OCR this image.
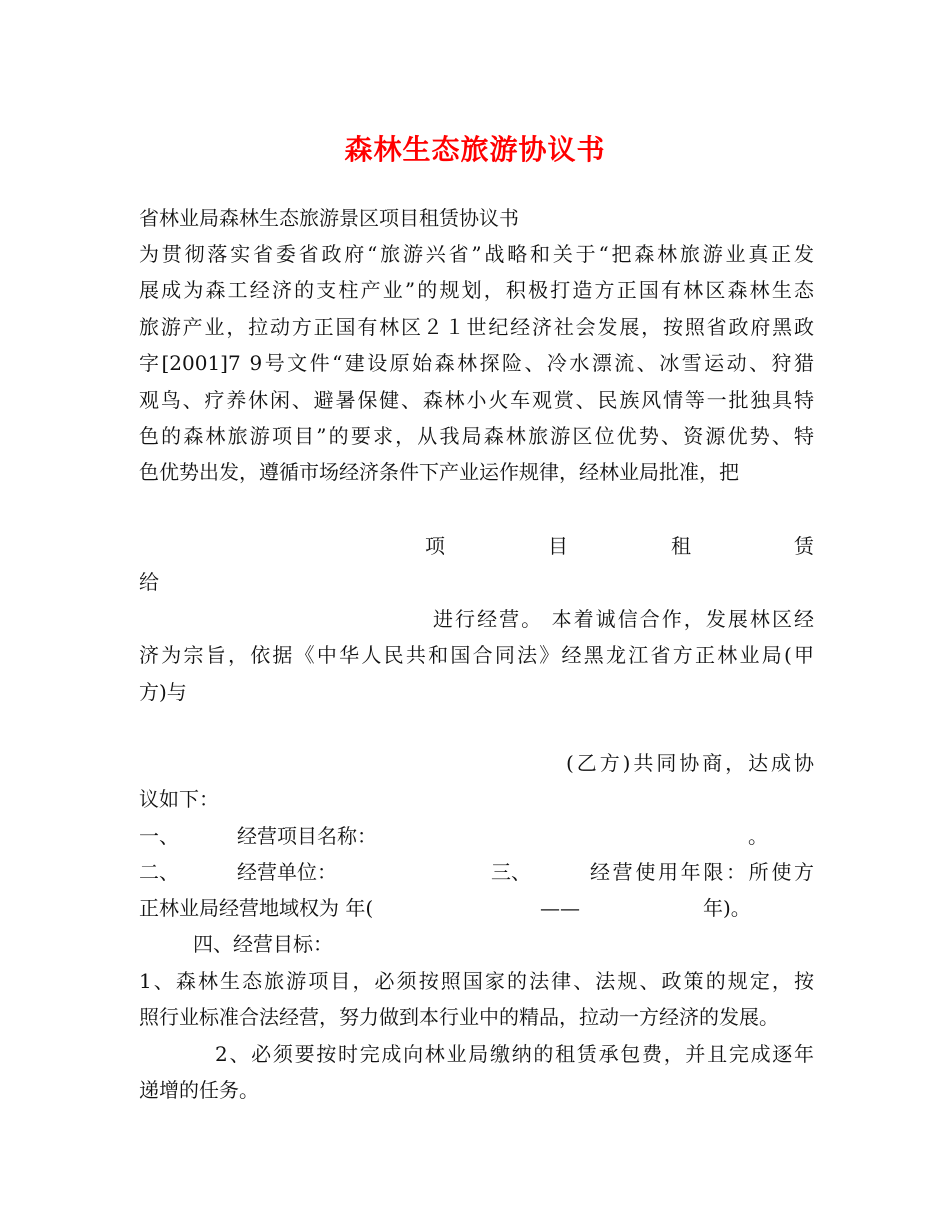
森林生态旅游协议书
省林业局森林生态旅游景区项目租赁协议书
为贯彻落实省委省政府“旅游兴省”战略和关于“把森林旅游业真正发
展成为森工经济的支柱产业”的规划，积极打造方正国有林区森林生态
旅游产业，拉动方正国有林区２１世纪经济社会发展，按照省政府黑政
字[2001]7 9号文件“建设原始森林探险、冷水漂流、冰雪运动、狩猎
观鸟、疗养休闲、避暑保健、森林小火车观赏、民族风情等一批独具特
色的森林旅游项目”的要求，从我局森林旅游区位优势、资源优势、特
色优势出发，遵循市场经济条件下产业运作规律，经林业局批准，把
项	目	租	赁
给
进行经营。 本着诚信合作，发展林区经
济为宗旨，依据《中华人民共和国合同法》经黑龙江省方正林业局(甲
方)与
(乙方)共同协商，达成协
议如下：
一、	经营项目名称：	。
二、	经营单位：	三、	经营使用年限：所使方
正林业局经营地域权为 年(	——	年)。
四、经营目标：
1、森林生态旅游项目，必须按照国家的法律、法规、政策的规定，按
照行业标准合法经营，努力做到本行业中的精品，拉动一方经济的发展。
2、必须要按时完成向林业局缴纳的租赁承包费，并且完成逐年
递增的任务。
